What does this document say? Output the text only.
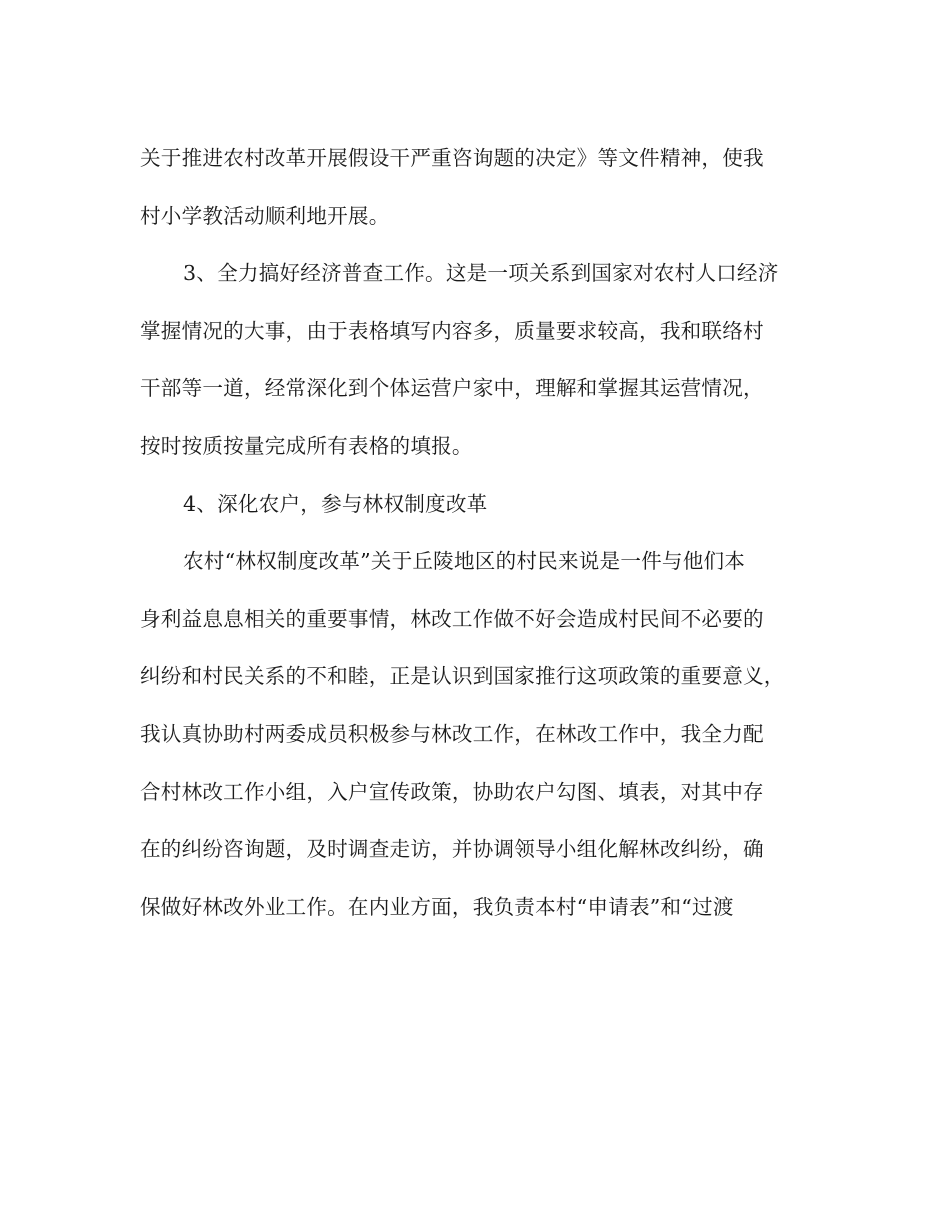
关于推进农村改革开展假设干严重咨询题的决定》等文件精神，使我
村小学教活动顺利地开展。
3、全力搞好经济普查工作。这是一项关系到国家对农村人口经济
掌握情况的大事，由于表格填写内容多，质量要求较高，我和联络村
干部等一道，经常深化到个体运营户家中，理解和掌握其运营情况，
按时按质按量完成所有表格的填报。
4、深化农户，参与林权制度改革
农村“林权制度改革”关于丘陵地区的村民来说是一件与他们本
身利益息息相关的重要事情，林改工作做不好会造成村民间不必要的
纠纷和村民关系的不和睦，正是认识到国家推行这项政策的重要意义，
我认真协助村两委成员积极参与林改工作，在林改工作中，我全力配
合村林改工作小组，入户宣传政策，协助农户勾图、填表，对其中存
在的纠纷咨询题，及时调查走访，并协调领导小组化解林改纠纷，确
保做好林改外业工作。在内业方面，我负责本村“申请表”和“过渡
